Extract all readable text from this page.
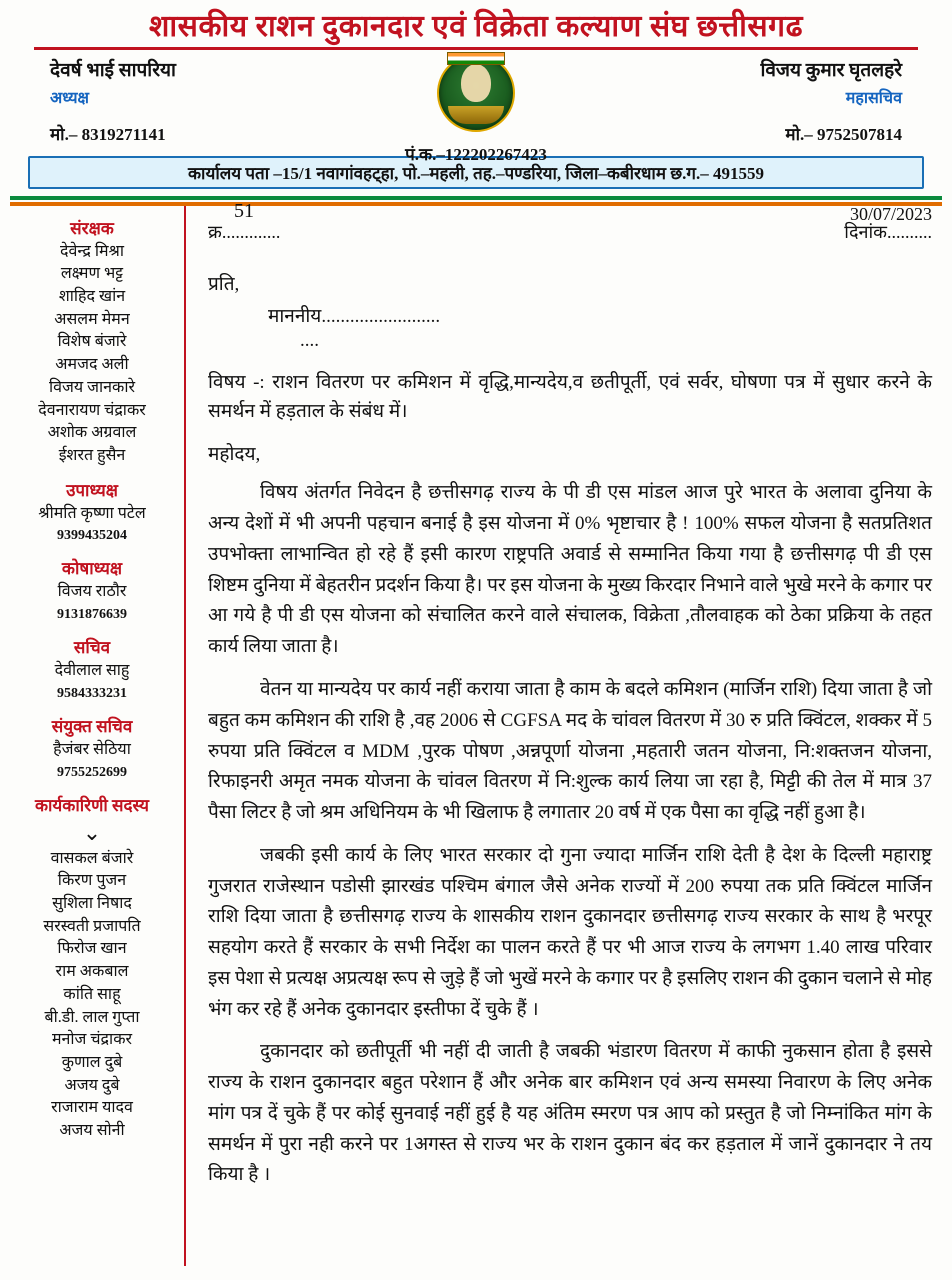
शासकीय राशन दुकानदार एवं विक्रेता कल्याण संघ छत्तीसगढ
देवर्ष भाई सापरिया
अध्यक्ष
मो.– 8319271141
पं.क.–122202267423
विजय कुमार घृतलहरे
महासचिव
मो.– 9752507814
कार्यालय पता –15/1 नवागांवहट्हा, पो.–महली, तह.–पण्डरिया, जिला–कबीरधाम छ.ग.– 491559
संरक्षक
देवेन्द्र मिश्रा
लक्ष्मण भट्ट
शाहिद खांन
असलम मेमन
विशेष बंजारे
अमजद अली
विजय जानकारे
देवनारायण चंद्राकर
अशोक अग्रवाल
ईशरत हुसैन
उपाध्यक्ष
श्रीमति कृष्णा पटेल
9399435204
कोषाध्यक्ष
विजय राठौर
9131876639
सचिव
देवीलाल साहु
9584333231
संयुक्त सचिव
हैजंबर सेठिया
9755252699
कार्यकारिणी सदस्य
⌄
वासकल बंजारे
किरण पुजन
सुशिला निषाद
सरस्वती प्रजापति
फिरोज खान
राम अकबाल
कांति साहू
बी.डी. लाल गुप्ता
मनोज चंद्राकर
कुणाल दुबे
अजय दुबे
राजाराम यादव
अजय सोनी
51
क्र.............
30/07/2023
दिनांक..........
प्रति,
माननीय.........................
....
विषय -: राशन वितरण पर कमिशन में वृद्धि,मान्यदेय,व छतीपूर्ती, एवं सर्वर, घोषणा पत्र में सुधार करने के समर्थन में हड़ताल के संबंध में।
महोदय,
विषय अंतर्गत निवेदन है छत्तीसगढ़ राज्य के पी डी एस मांडल आज पुरे भारत के अलावा दुनिया के अन्य देशों में भी अपनी पहचान बनाई है इस योजना में 0% भृष्टाचार है ! 100% सफल योजना है सतप्रतिशत उपभोक्ता लाभान्वित हो रहे हैं इसी कारण राष्ट्रपति अवार्ड से सम्मानित किया गया है छत्तीसगढ़ पी डी एस शिष्टम दुनिया में बेहतरीन प्रदर्शन किया है। पर इस योजना के मुख्य किरदार निभाने वाले भुखे मरने के कगार पर आ गये है पी डी एस योजना को संचालित करने वाले संचालक, विक्रेता ,तौलवाहक को ठेका प्रक्रिया के तहत कार्य लिया जाता है।
वेतन या मान्यदेय पर कार्य नहीं कराया जाता है काम के बदले कमिशन (मार्जिन राशि) दिया जाता है जो बहुत कम कमिशन की राशि है ,वह 2006 से CGFSA मद के चांवल वितरण में 30 रु प्रति क्विंटल, शक्कर में 5 रुपया प्रति क्विंटल व MDM ,पुरक पोषण ,अन्नपूर्णा योजना ,महतारी जतन योजना, नि:शक्तजन योजना, रिफाइनरी अमृत नमक योजना के चांवल वितरण में नि:शुल्क कार्य लिया जा रहा है, मिट्टी की तेल में मात्र 37 पैसा लिटर है जो श्रम अधिनियम के भी खिलाफ है लगातार 20 वर्ष में एक पैसा का वृद्धि नहीं हुआ है।
जबकी इसी कार्य के लिए भारत सरकार दो गुना ज्यादा मार्जिन राशि देती है देश के दिल्ली महाराष्ट्र गुजरात राजेस्थान पडोसी झारखंड पश्चिम बंगाल जैसे अनेक राज्यों में 200 रुपया तक प्रति क्विंटल मार्जिन राशि दिया जाता है छत्तीसगढ़ राज्य के शासकीय राशन दुकानदार छत्तीसगढ़ राज्य सरकार के साथ है भरपूर सहयोग करते हैं सरकार के सभी निर्देश का पालन करते हैं पर भी आज राज्य के लगभग 1.40 लाख परिवार इस पेशा से प्रत्यक्ष अप्रत्यक्ष रूप से जुड़े हैं जो भुखें मरने के कगार पर है इसलिए राशन की दुकान चलाने से मोह भंग कर रहे हैं अनेक दुकानदार इस्तीफा दें चुके हैं ।
दुकानदार को छतीपूर्ती भी नहीं दी जाती है जबकी भंडारण वितरण में काफी नुकसान होता है इससे राज्य के राशन दुकानदार बहुत परेशान हैं और अनेक बार कमिशन एवं अन्य समस्या निवारण के लिए अनेक मांग पत्र दें चुके हैं पर कोई सुनवाई नहीं हुई है यह अंतिम स्मरण पत्र आप को प्रस्तुत है जो निम्नांकित मांग के समर्थन में पुरा नही करने पर 1अगस्त से राज्य भर के राशन दुकान बंद कर हड़ताल में जानें दुकानदार ने तय किया है ।
